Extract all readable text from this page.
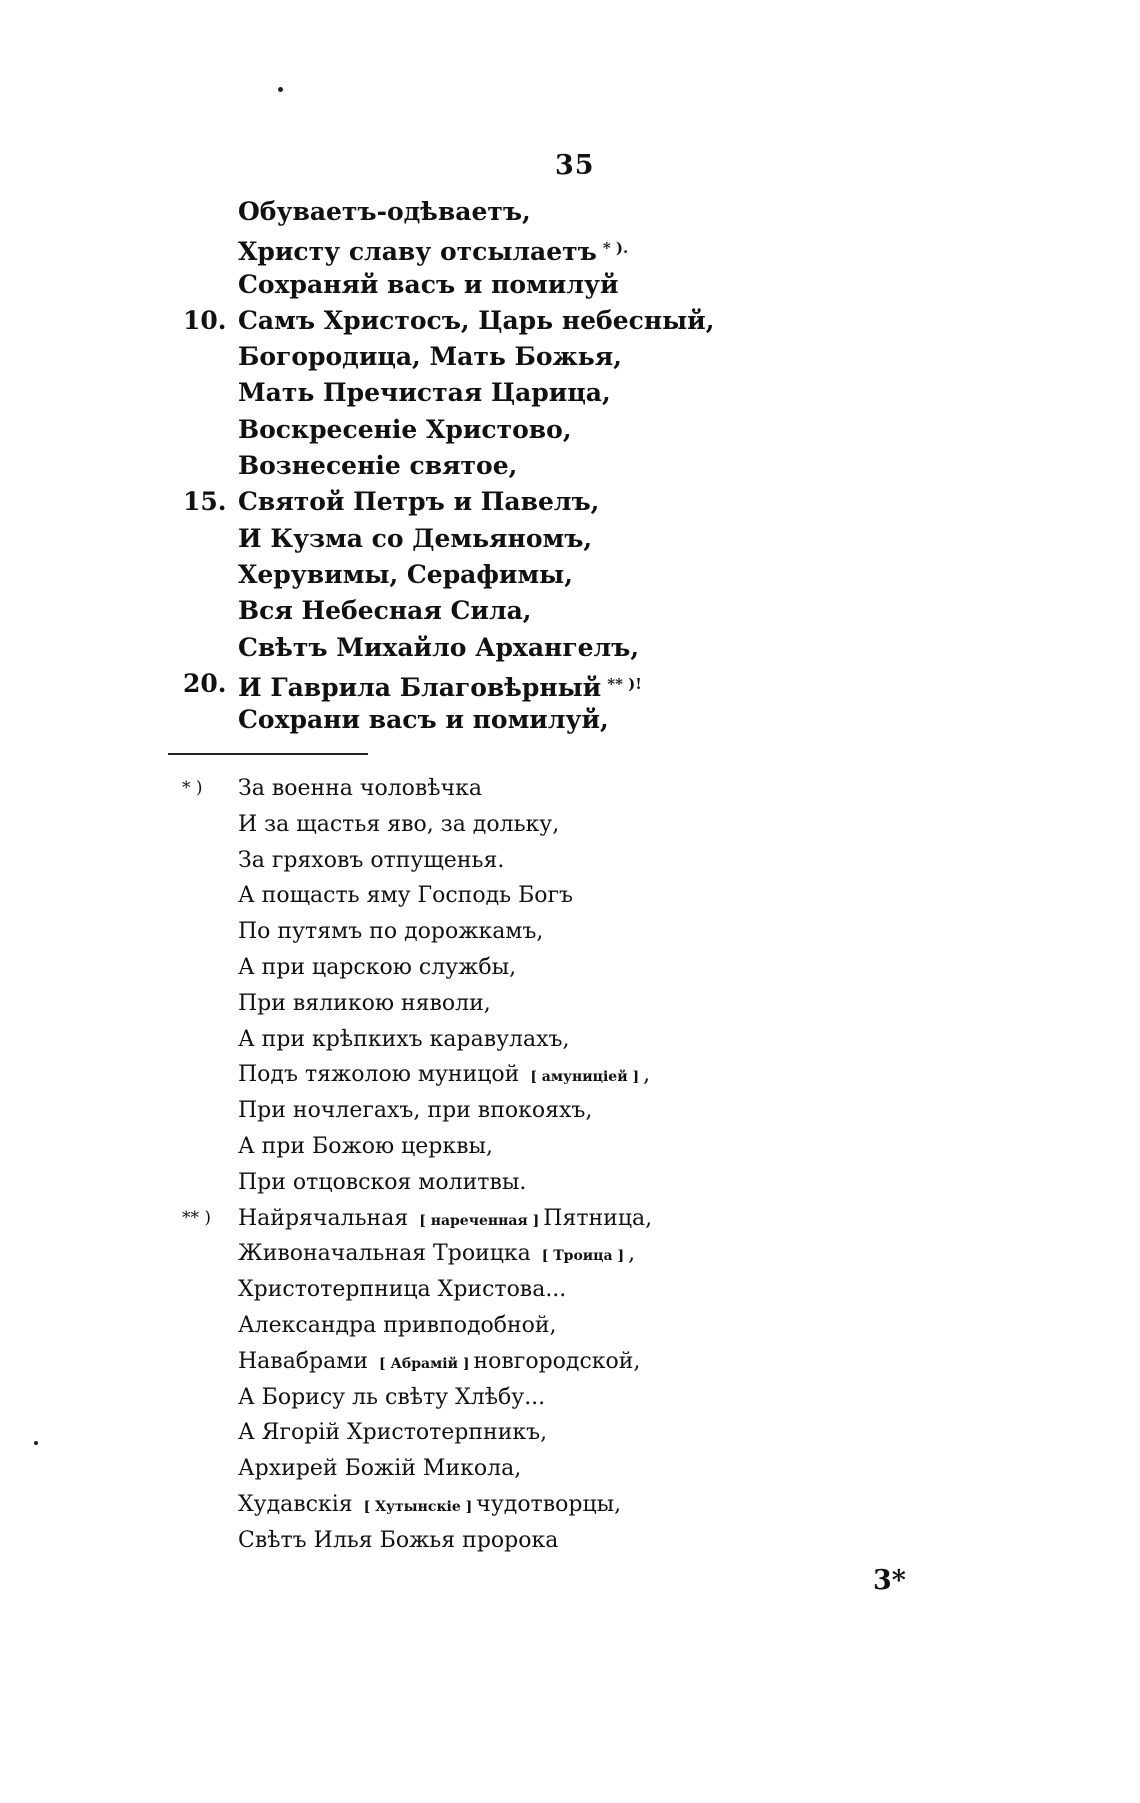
35
Обуваетъ-одѣваетъ,
Христу славу отсылаетъ * ).
Сохраняй васъ и помилуй
10. Самъ Христосъ, Царь небесный,
Богородица, Мать Божья,
Мать Пречистая Царица,
Воскресеніе Христово,
Вознесеніе святое,
15. Святой Петръ и Павелъ,
И Кузма со Демьяномъ,
Херувимы, Серафимы,
Вся Небесная Сила,
Свѣтъ Михайло Архангелъ,
20. И Гаврила Благовѣрный ** )!
Сохрани васъ и помилуй,
* )	За военна чоловѣчка
И за щастья яво, за дольку,
За гряховъ отпущенья.
А пощасть яму Господь Богъ
По путямъ по дорожкамъ,
А при царскою службы,
При вяликою няволи,
А при крѣпкихъ каравулахъ,
Подъ тяжолою муницой [ амуниціей ] ,
При ночлегахъ, при впокояхъ,
А при Божою церквы,
При отцовскоя молитвы.
** )	Найрячальная [ нареченная ] Пятница,
Живоначальная Троицка [ Троица ] ,
Христотерпница Христова...
Александра привподобной,
Навабрами [ Абрамій ] новгородской,
А Борису ль свѣту Хлѣбу...
А Ягорій Христотерпникъ,
Архирей Божій Микола,
Худавскія [ Хутынскіе ] чудотворцы,
Свѣтъ Илья Божья пророка
3*
